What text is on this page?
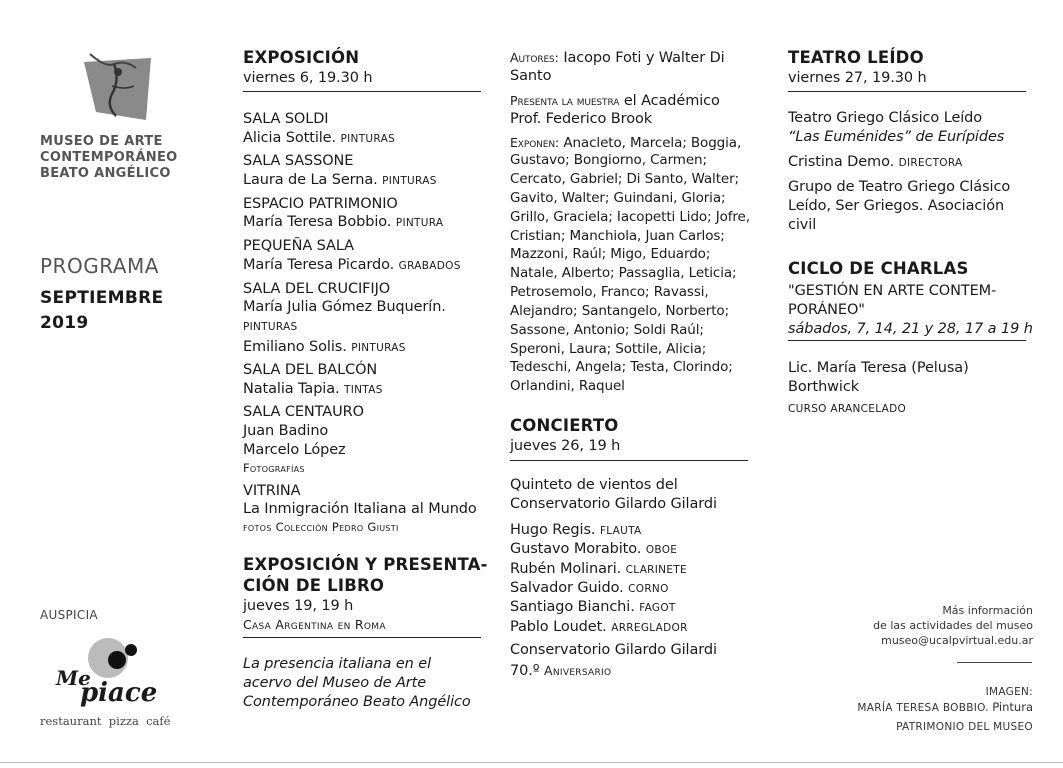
MUSEO DE ARTE
CONTEMPORÁNEO
BEATO ANGÉLICO
PROGRAMA
SEPTIEMBRE
2019
AUSPICIA
Me
piace
restaurant  pizza  café
EXPOSICIÓN
viernes 6, 19.30 h
SALA SOLDI
Alicia Sottile. PINTURAS
SALA SASSONE
Laura de La Serna. PINTURAS
ESPACIO PATRIMONIO
María Teresa Bobbio. PINTURA
PEQUEÑA SALA
María Teresa Picardo. GRABADOS
SALA DEL CRUCIFIJO
María Julia Gómez Buquerín.
PINTURAS
Emiliano Solis. PINTURAS
SALA DEL BALCÓN
Natalia Tapia. TINTAS
SALA CENTAURO
Juan Badino
Marcelo López
Fotografías
VITRINA
La Inmigración Italiana al Mundo
fotos Colección Pedro Giusti
EXPOSICIÓN Y PRESENTA-
CIÓN DE LIBRO
jueves 19, 19 h
Casa Argentina en Roma
La presencia italiana en el
acervo del Museo de Arte
Contemporáneo Beato Angélico
Autores: Iacopo Foti y Walter Di
Santo
Presenta la muestra el Académico
Prof. Federico Brook
Exponen: Anacleto, Marcela; Boggia,
Gustavo; Bongiorno, Carmen;
Cercato, Gabriel; Di Santo, Walter;
Gavito, Walter; Guindani, Gloria;
Grillo, Graciela; Iacopetti Lido; Jofre,
Cristian; Manchiola, Juan Carlos;
Mazzoni, Raúl; Migo, Eduardo;
Natale, Alberto; Passaglia, Leticia;
Petrosemolo, Franco; Ravassi,
Alejandro; Santangelo, Norberto;
Sassone, Antonio; Soldi Raúl;
Speroni, Laura; Sottile, Alicia;
Tedeschi, Angela; Testa, Clorindo;
Orlandini, Raquel
CONCIERTO
jueves 26, 19 h
Quinteto de vientos del
Conservatorio Gilardo Gilardi
Hugo Regis. FLAUTA
Gustavo Morabito. OBOE
Rubén Molinari. CLARINETE
Salvador Guido. CORNO
Santiago Bianchi. FAGOT
Pablo Loudet. ARREGLADOR
Conservatorio Gilardo Gilardi
70.º Aniversario
TEATRO LEÍDO
viernes 27, 19.30 h
Teatro Griego Clásico Leído
“Las Euménides” de Eurípides
Cristina Demo. DIRECTORA
Grupo de Teatro Griego Clásico
Leído, Ser Griegos. Asociación
civil
CICLO DE CHARLAS
"GESTIÓN EN ARTE CONTEM-
PORÁNEO"
sábados, 7, 14, 21 y 28, 17 a 19 h
Lic. María Teresa (Pelusa)
Borthwick
CURSO ARANCELADO
Más información
de las actividades del museo
museo@ucalpvirtual.edu.ar
IMAGEN:
MARÍA TERESA BOBBIO. Pintura
PATRIMONIO DEL MUSEO
